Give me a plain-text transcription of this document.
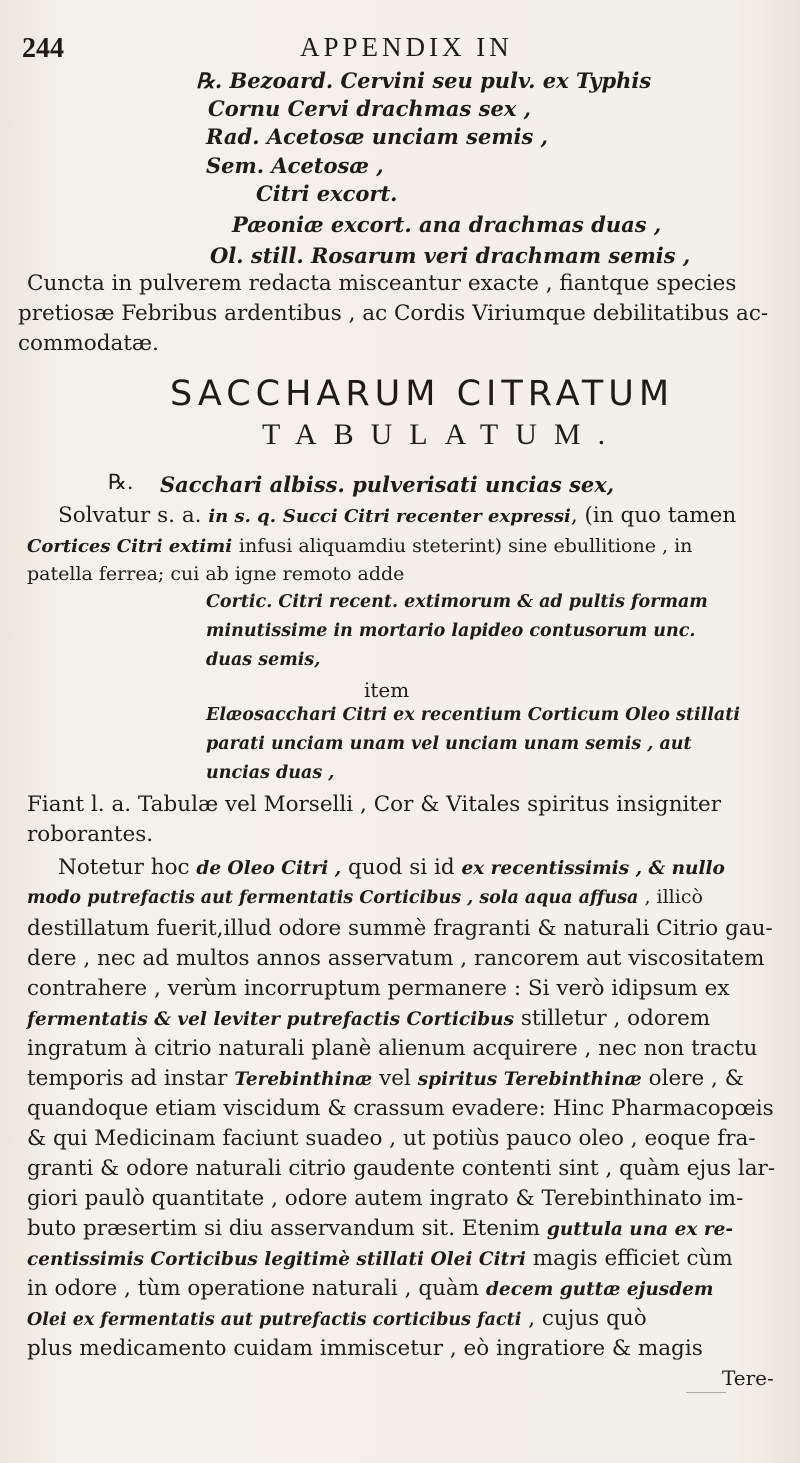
244	APPENDIX IN
℞. Bezoard. Cervini seu pulv. ex Typhis
Cornu Cervi drachmas sex ,
Rad. Acetosæ unciam semis ,
Sem. Acetosæ ,
Citri excort.
Pæoniæ excort. ana drachmas duas ,
Ol. still. Rosarum veri drachmam semis ,
Cuncta in pulverem redacta misceantur exacte , fiantque species
pretiosæ Febribus ardentibus , ac Cordis Viriumque debilitatibus ac-
commodatæ.
SACCHARUM CITRATUM
TABULATUM.
℞. Sacchari albiss. pulverisati uncias sex,
Solvatur s. a. in s. q. Succi Citri recenter expressi, (in quo tamen
Cortices Citri extimi infusi aliquamdiu steterint) sine ebullitione , in
patella ferrea; cui ab igne remoto adde
Cortic. Citri recent. extimorum & ad pultis formam
minutissime in mortario lapideo contusorum unc.
duas semis,
item
Elæosacchari Citri ex recentium Corticum Oleo stillati
parati unciam unam vel unciam unam semis , aut
uncias duas ,
Fiant l. a. Tabulæ vel Morselli , Cor & Vitales spiritus insigniter
roborantes.
Notetur hoc de Oleo Citri , quod si id ex recentissimis , & nullo
modo putrefactis aut fermentatis Corticibus , sola aqua affusa , illicò
destillatum fuerit,illud odore summè fragranti & naturali Citrio gau-
dere , nec ad multos annos asservatum , rancorem aut viscositatem
contrahere , verùm incorruptum permanere : Si verò idipsum ex
fermentatis & vel leviter putrefactis Corticibus stilletur , odorem
ingratum à citrio naturali planè alienum acquirere , nec non tractu
temporis ad instar Terebinthinæ vel spiritus Terebinthinæ olere , &
quandoque etiam viscidum & crassum evadere: Hinc Pharmacopœis
& qui Medicinam faciunt suadeo , ut potiùs pauco oleo , eoque fra-
granti & odore naturali citrio gaudente contenti sint , quàm ejus lar-
giori paulò quantitate , odore autem ingrato & Terebinthinato im-
buto præsertim si diu asservandum sit. Etenim guttula una ex re-
centissimis Corticibus legitimè stillati Olei Citri magis efficiet cùm
in odore , tùm operatione naturali , quàm decem guttæ ejusdem
Olei ex fermentatis aut putrefactis corticibus facti , cujus quò
plus medicamento cuidam immiscetur , eò ingratiore & magis
Tere-
